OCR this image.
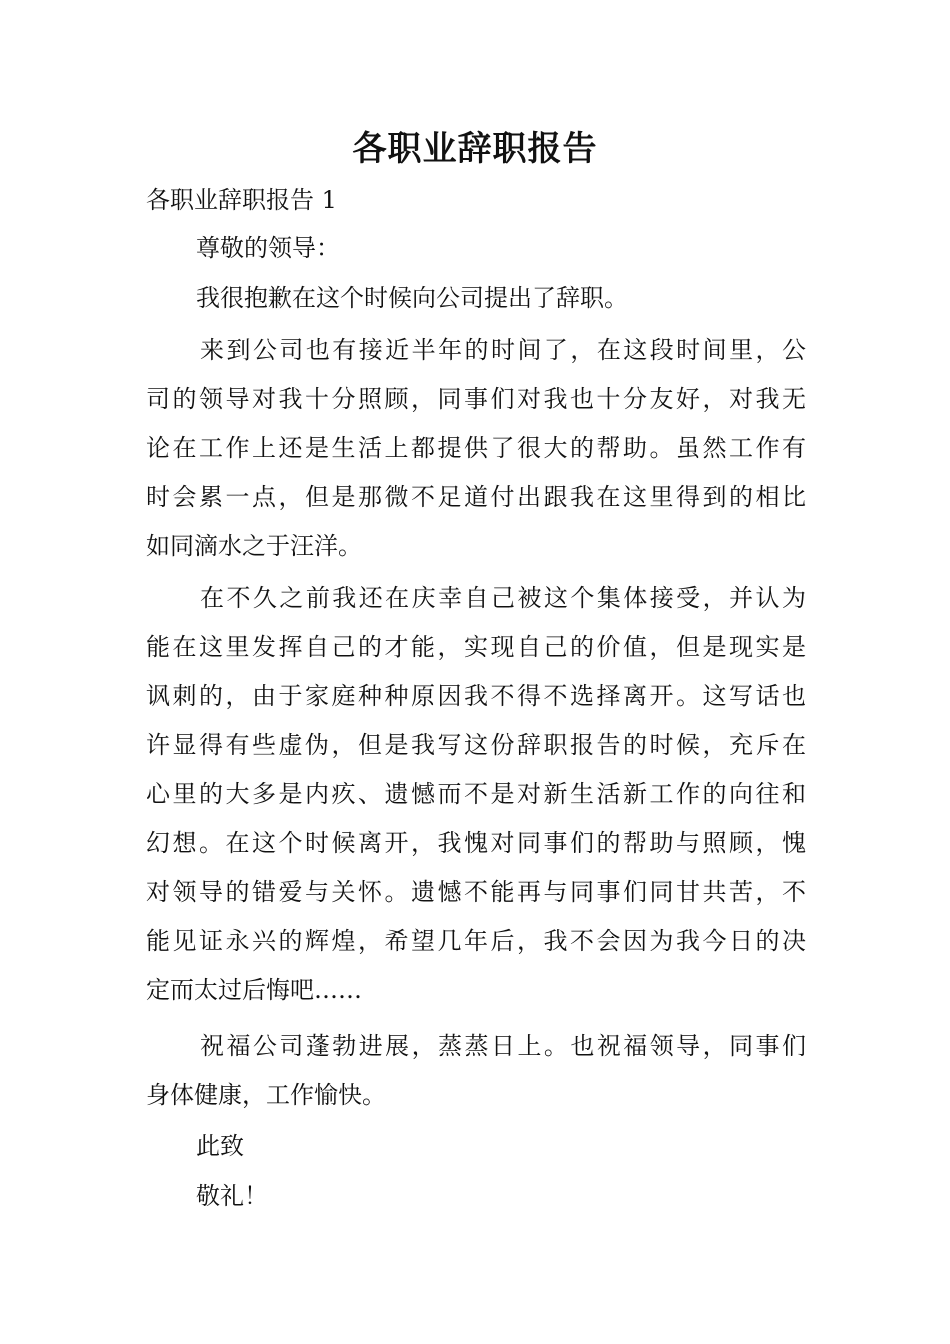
各职业辞职报告
各职业辞职报告 1
尊敬的领导：
我很抱歉在这个时候向公司提出了辞职。
来到公司也有接近半年的时间了，在这段时间里，公
司的领导对我十分照顾，同事们对我也十分友好，对我无
论在工作上还是生活上都提供了很大的帮助。虽然工作有
时会累一点，但是那微不足道付出跟我在这里得到的相比
如同滴水之于汪洋。
在不久之前我还在庆幸自己被这个集体接受，并认为
能在这里发挥自己的才能，实现自己的价值，但是现实是
讽刺的，由于家庭种种原因我不得不选择离开。这写话也
许显得有些虚伪，但是我写这份辞职报告的时候，充斥在
心里的大多是内疚、遗憾而不是对新生活新工作的向往和
幻想。在这个时候离开，我愧对同事们的帮助与照顾，愧
对领导的错爱与关怀。遗憾不能再与同事们同甘共苦，不
能见证永兴的辉煌，希望几年后，我不会因为我今日的决
定而太过后悔吧……
祝福公司蓬勃进展，蒸蒸日上。也祝福领导，同事们
身体健康，工作愉快。
此致
敬礼！
